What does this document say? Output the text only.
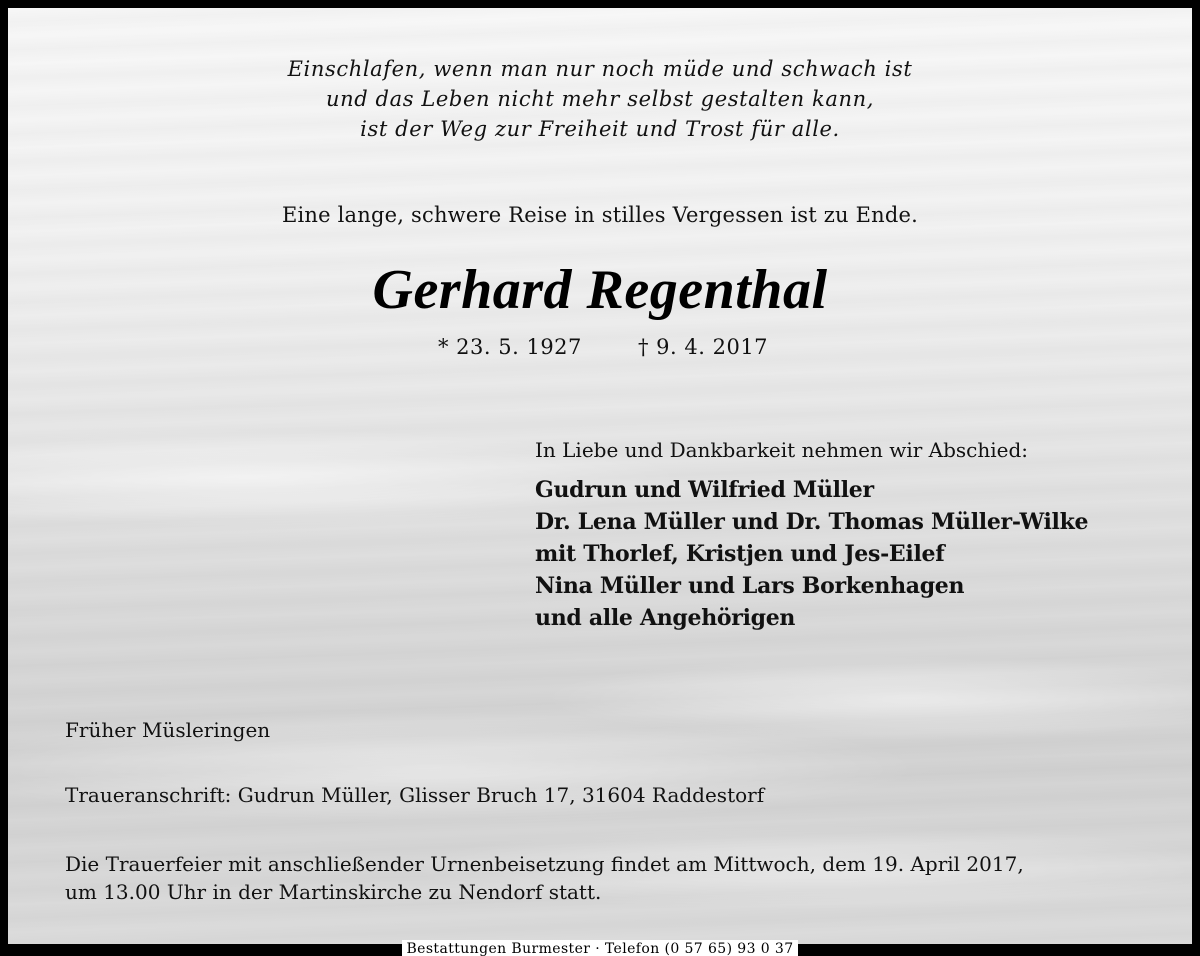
Einschlafen, wenn man nur noch müde und schwach ist
und das Leben nicht mehr selbst gestalten kann,
ist der Weg zur Freiheit und Trost für alle.
Eine lange, schwere Reise in stilles Vergessen ist zu Ende.
Gerhard Regenthal
* 23. 5. 1927	† 9. 4. 2017
In Liebe und Dankbarkeit nehmen wir Abschied:
Gudrun und Wilfried Müller
Dr. Lena Müller und Dr. Thomas Müller-Wilke
mit Thorlef, Kristjen und Jes-Eilef
Nina Müller und Lars Borkenhagen
und alle Angehörigen
Früher Müsleringen
Traueranschrift: Gudrun Müller, Glisser Bruch 17, 31604 Raddestorf
Die Trauerfeier mit anschließender Urnenbeisetzung findet am Mittwoch, dem 19. April 2017,
um 13.00 Uhr in der Martinskirche zu Nendorf statt.
Bestattungen Burmester · Telefon (0 57 65) 93 0 37
